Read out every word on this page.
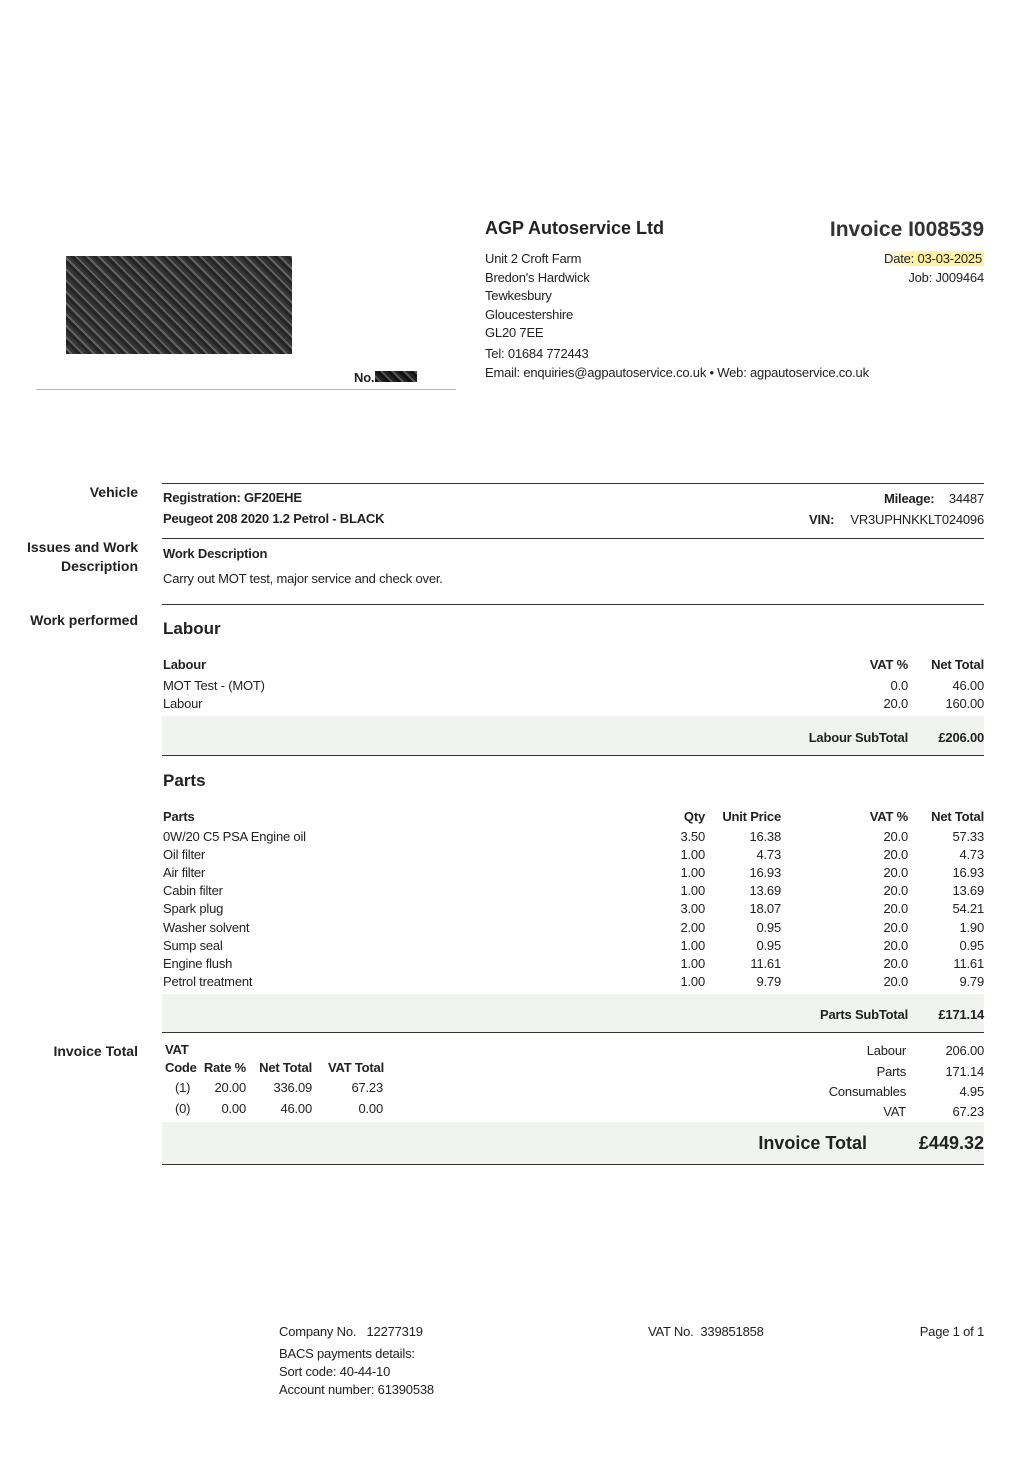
No.
AGP Autoservice Ltd
Unit 2 Croft Farm
Bredon's Hardwick
Tewkesbury
Gloucestershire
GL20 7EE
Tel: 01684 772443
Email: enquiries@agpautoservice.co.uk • Web: agpautoservice.co.uk
Invoice I008539
Date: 03-03-2025
Job: J009464
Vehicle
Issues and Work
Description
Work performed
Invoice Total
Registration: GF20EHE
Peugeot 208 2020 1.2 Petrol - BLACK
Mileage: 34487
VIN: VR3UPHNKKLT024096
Work Description
Carry out MOT test, major service and check over.
Labour
Labour	VAT % Net Total
MOT Test - (MOT)	0.0	46.00
Labour	20.0	160.00
Labour SubTotal £206.00
Parts
Parts	Qty Unit Price	VAT % Net Total
0W/20 C5 PSA Engine oil	3.50	16.38	20.0	57.33
Oil filter	1.00	4.73	20.0	4.73
Air filter	1.00	16.93	20.0	16.93
Cabin filter	1.00	13.69	20.0	13.69
Spark plug	3.00	18.07	20.0	54.21
Washer solvent	2.00	0.95	20.0	1.90
Sump seal	1.00	0.95	20.0	0.95
Engine flush	1.00	11.61	20.0	11.61
Petrol treatment	1.00	9.79	20.0	9.79
Parts SubTotal £171.14
VAT
Code Rate % Net Total VAT Total
(1) 20.00 336.09	67.23
(0) 0.00	46.00	0.00
Labour	206.00
Parts	171.14
Consumables	4.95
VAT	67.23
Invoice Total	£449.32
Company No.   12277319
BACS payments details:
Sort code: 40-44-10
Account number: 61390538
VAT No.  339851858	Page 1 of 1
